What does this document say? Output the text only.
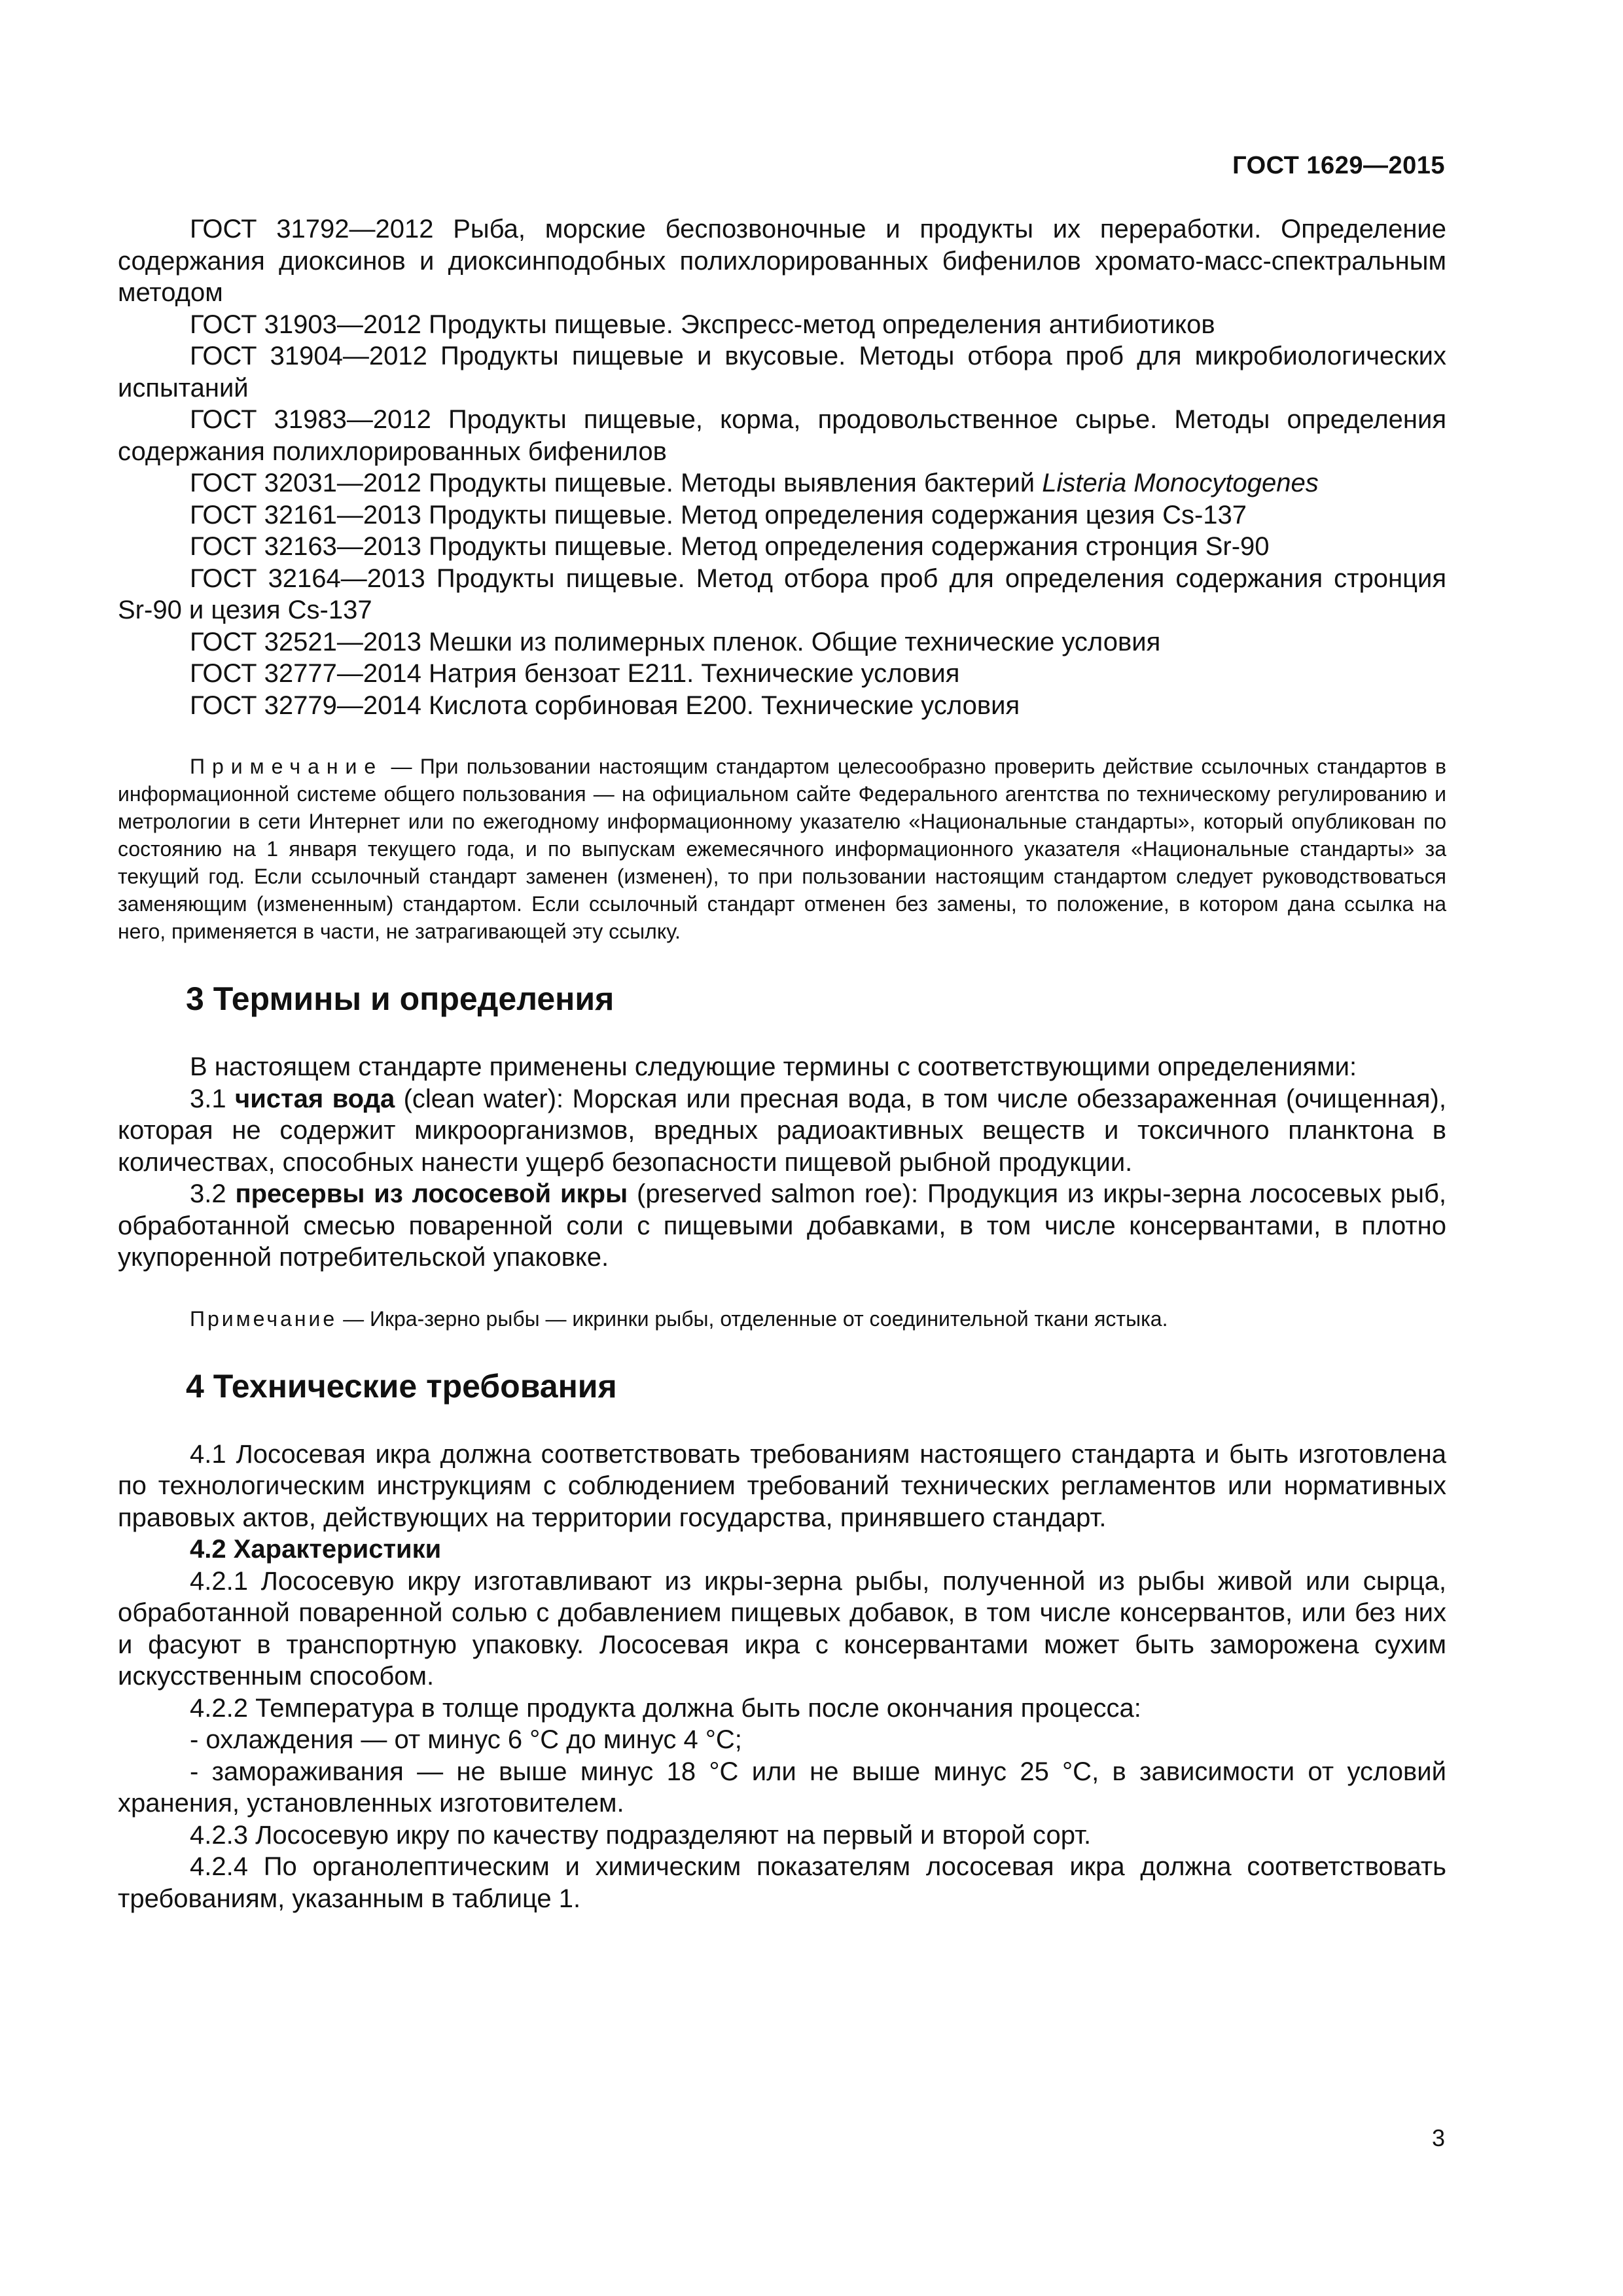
ГОСТ 1629—2015

ГОСТ 31792—2012 Рыба, морские беспозвоночные и продукты их переработки. Определение содержания диоксинов и диоксинподобных полихлорированных бифенилов хромато-масс-спектральным методом

ГОСТ 31903—2012 Продукты пищевые. Экспресс-метод определения антибиотиков

ГОСТ 31904—2012 Продукты пищевые и вкусовые. Методы отбора проб для микробиологических испытаний

ГОСТ 31983—2012 Продукты пищевые, корма, продовольственное сырье. Методы определения содержания полихлорированных бифенилов

ГОСТ 32031—2012 Продукты пищевые. Методы выявления бактерий Listeria Monocytogenes

ГОСТ 32161—2013 Продукты пищевые. Метод определения содержания цезия Cs-137

ГОСТ 32163—2013 Продукты пищевые. Метод определения содержания стронция Sr-90

ГОСТ 32164—2013 Продукты пищевые. Метод отбора проб для определения содержания стронция Sr-90 и цезия Cs-137

ГОСТ 32521—2013 Мешки из полимерных пленок. Общие технические условия

ГОСТ 32777—2014 Натрия бензоат Е211. Технические условия

ГОСТ 32779—2014 Кислота сорбиновая Е200. Технические условия

Примечание — При пользовании настоящим стандартом целесообразно проверить действие ссылочных стандартов в информационной системе общего пользования — на официальном сайте Федерального агентства по техническому регулированию и метрологии в сети Интернет или по ежегодному информационному указателю «Национальные стандарты», который опубликован по состоянию на 1 января текущего года, и по выпускам ежемесячного информационного указателя «Национальные стандарты» за текущий год. Если ссылочный стандарт заменен (изменен), то при пользовании настоящим стандартом следует руководствоваться заменяющим (измененным) стандартом. Если ссылочный стандарт отменен без замены, то положение, в котором дана ссылка на него, применяется в части, не затрагивающей эту ссылку.

3 Термины и определения

В настоящем стандарте применены следующие термины с соответствующими определениями:

3.1 чистая вода (clean water): Морская или пресная вода, в том числе обеззараженная (очищенная), которая не содержит микроорганизмов, вредных радиоактивных веществ и токсичного планктона в количествах, способных нанести ущерб безопасности пищевой рыбной продукции.

3.2 пресервы из лососевой икры (preserved salmon roe): Продукция из икры-зерна лососевых рыб, обработанной смесью поваренной соли с пищевыми добавками, в том числе консервантами, в плотно укупоренной потребительской упаковке.

Примечание — Икра-зерно рыбы — икринки рыбы, отделенные от соединительной ткани ястыка.

4 Технические требования

4.1 Лососевая икра должна соответствовать требованиям настоящего стандарта и быть изготовлена по технологическим инструкциям с соблюдением требований технических регламентов или нормативных правовых актов, действующих на территории государства, принявшего стандарт.

4.2 Характеристики

4.2.1 Лососевую икру изготавливают из икры-зерна рыбы, полученной из рыбы живой или сырца, обработанной поваренной солью с добавлением пищевых добавок, в том числе консервантов, или без них и фасуют в транспортную упаковку. Лососевая икра с консервантами может быть заморожена сухим искусственным способом.

4.2.2 Температура в толще продукта должна быть после окончания процесса:

- охлаждения — от минус 6 °С до минус 4 °С;

- замораживания — не выше минус 18 °С или не выше минус 25 °С, в зависимости от условий хранения, установленных изготовителем.

4.2.3 Лососевую икру по качеству подразделяют на первый и второй сорт.

4.2.4 По органолептическим и химическим показателям лососевая икра должна соответствовать требованиям, указанным в таблице 1.

3
